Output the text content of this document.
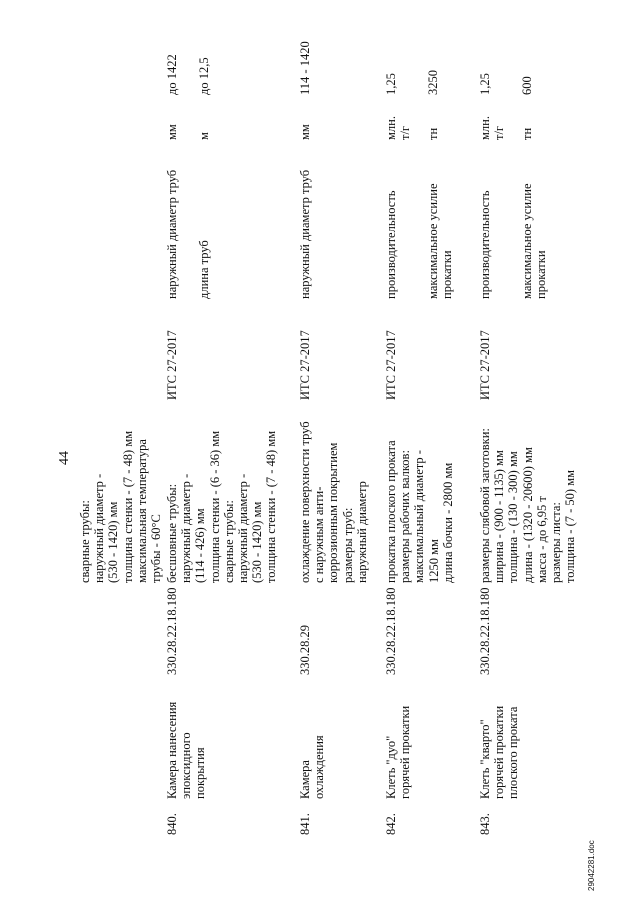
44
сварные трубы:
наружный диаметр -
(530 - 1420) мм
толщина стенки - (7 - 48) мм
максимальная температура
трубы - 60°С
840.
Камера нанесения
эпоксидного
покрытия
330.28.22.18.180
бесшовные трубы:
наружный диаметр -
(114 - 426) мм
толщина стенки - (6 - 36) мм
сварные трубы:
наружный диаметр -
(530 - 1420) мм
толщина стенки - (7 - 48) мм
ИТС 27-2017
наружный диаметр труб
мм
до 1422
длина труб
м
до 12,5
841.
Камера
охлаждения
330.28.29
охлаждение поверхности труб
с наружным анти-
коррозионным покрытием
размеры труб:
наружный диаметр
ИТС 27-2017
наружный диаметр труб
мм
114 - 1420
842.
Клеть "дуо"
горячей прокатки
330.28.22.18.180
прокатка плоского проката
размеры рабочих валков:
максимальный диаметр -
1250 мм
длина бочки - 2800 мм
ИТС 27-2017
производительность
млн.
т/г
1,25
максимальное усилие
прокатки
тн
3250
843.
Клеть "кварто"
горячей прокатки
плоского проката
330.28.22.18.180
размеры слябовой заготовки:
ширина - (900 - 1135) мм
толщина - (130 - 300) мм
длина - (1320 - 20600) мм
масса - до 6,95 т
размеры листа:
толщина - (7 - 50) мм
ИТС 27-2017
производительность
млн.
т/г
1,25
максимальное усилие
прокатки
тн
600
29042281.doc
